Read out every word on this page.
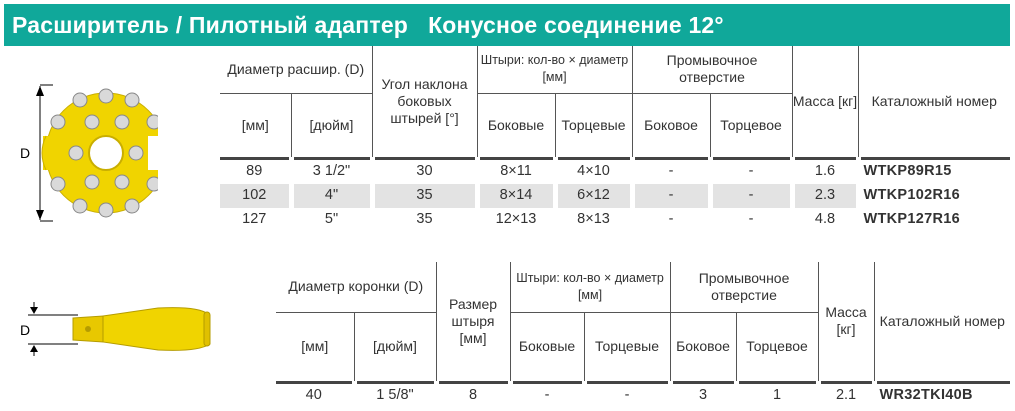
Расширитель / Пилотный адаптер Конусное соединение 12°
D
D
Диаметр расшир. (D)		Угол наклона боковых штырей [°]	Штыри: кол-во × диаметр [мм]		Промывочное отверстие		Масса [кг]	Каталожный номер
[мм]	[дюйм]		Боковые	Торцевые	Боковое	Торцевое		
89	3 1/2"	30	8×11	4×10	-	-	1.6	WTKP89R15
102	4"	35	8×14	6×12	-	-	2.3	WTKP102R16
127	5"	35	12×13	8×13	-	-	4.8	WTKP127R16
Диаметр коронки (D)		Размер штыря [мм]	Штыри: кол-во × диаметр [мм]		Промывочное отверстие		Масса [кг]	Каталожный номер
[мм]	[дюйм]		Боковые	Торцевые	Боковое	Торцевое		
40	1 5/8"	8	-	-	3	1	2.1	WR32TKI40B
